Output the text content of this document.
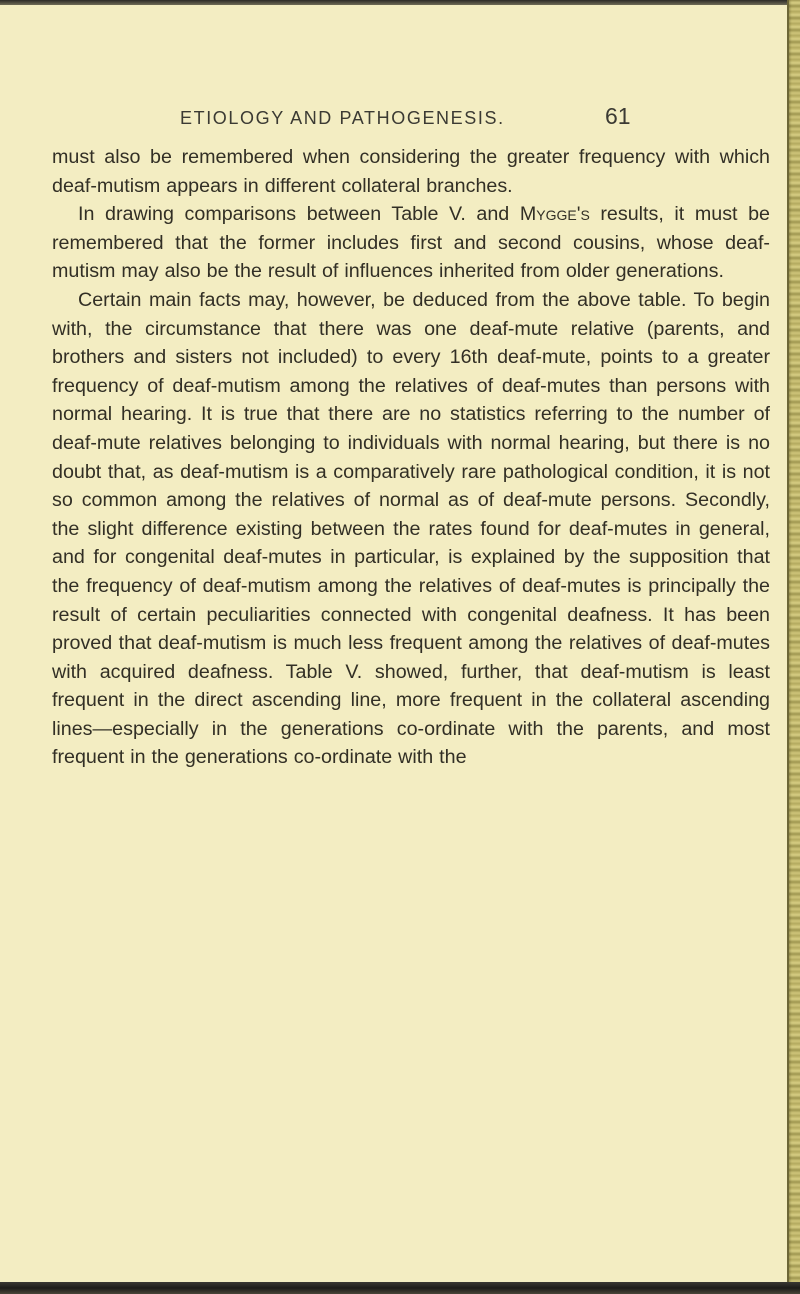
ETIOLOGY AND PATHOGENESIS.	61

must also be remembered when considering the greater frequency with which deaf-mutism appears in different collateral branches.

In drawing comparisons between Table V. and Mygge's results, it must be remembered that the former includes first and second cousins, whose deaf-mutism may also be the result of influences inherited from older generations.

Certain main facts may, however, be deduced from the above table. To begin with, the circumstance that there was one deaf-mute relative (parents, and brothers and sisters not included) to every 16th deaf-mute, points to a greater frequency of deaf-mutism among the relatives of deaf-mutes than persons with normal hearing. It is true that there are no statistics referring to the number of deaf-mute relatives belonging to individuals with normal hearing, but there is no doubt that, as deaf-mutism is a comparatively rare pathological condition, it is not so common among the relatives of normal as of deaf-mute persons. Secondly, the slight difference existing between the rates found for deaf-mutes in general, and for congenital deaf-mutes in particular, is explained by the supposition that the frequency of deaf-mutism among the relatives of deaf-mutes is principally the result of certain peculiarities connected with congenital deafness. It has been proved that deaf-mutism is much less frequent among the relatives of deaf-mutes with acquired deafness. Table V. showed, further, that deaf-mutism is least frequent in the direct ascending line, more frequent in the collateral ascending lines—especially in the generations co-ordinate with the parents, and most frequent in the generations co-ordinate with the
